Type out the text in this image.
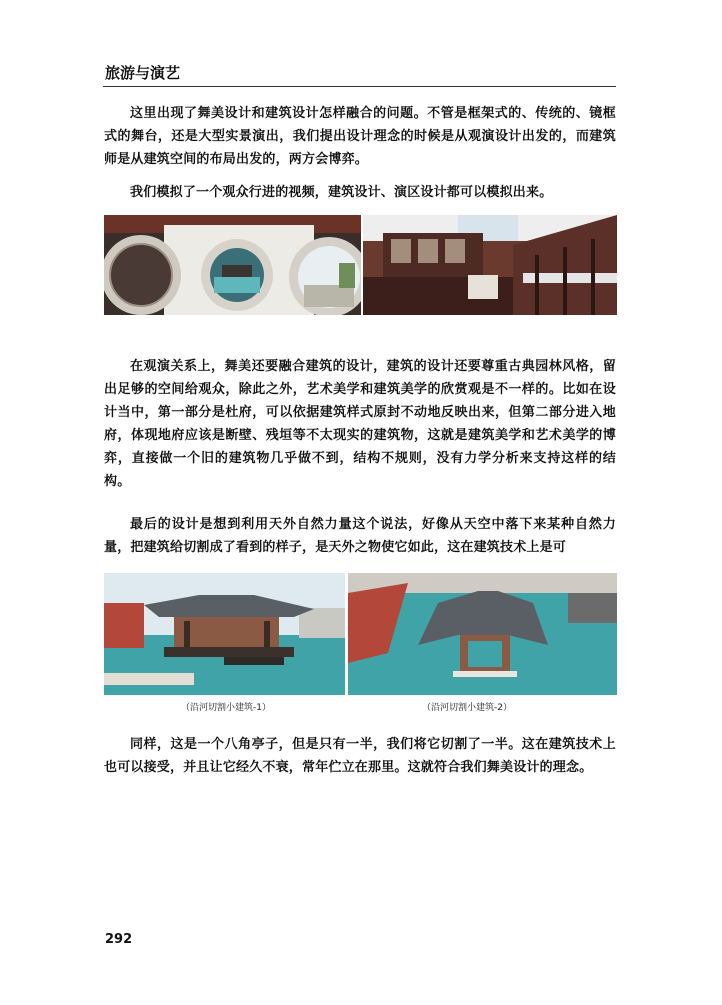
旅游与演艺
这里出现了舞美设计和建筑设计怎样融合的问题。不管是框架式的、传统的、镜框式的舞台，还是大型实景演出，我们提出设计理念的时候是从观演设计出发的，而建筑师是从建筑空间的布局出发的，两方会博弈。
我们模拟了一个观众行进的视频，建筑设计、演区设计都可以模拟出来。
在观演关系上，舞美还要融合建筑的设计，建筑的设计还要尊重古典园林风格，留出足够的空间给观众，除此之外，艺术美学和建筑美学的欣赏观是不一样的。比如在设计当中，第一部分是杜府，可以依据建筑样式原封不动地反映出来，但第二部分进入地府，体现地府应该是断壁、残垣等不太现实的建筑物，这就是建筑美学和艺术美学的博弈，直接做一个旧的建筑物几乎做不到，结构不规则，没有力学分析来支持这样的结构。
最后的设计是想到利用天外自然力量这个说法，好像从天空中落下来某种自然力量，把建筑给切割成了看到的样子，是天外之物使它如此，这在建筑技术上是可
（沿河切割小建筑-1）	（沿河切割小建筑-2）
同样，这是一个八角亭子，但是只有一半，我们将它切割了一半。这在建筑技术上也可以接受，并且让它经久不衰，常年伫立在那里。这就符合我们舞美设计的理念。
292
